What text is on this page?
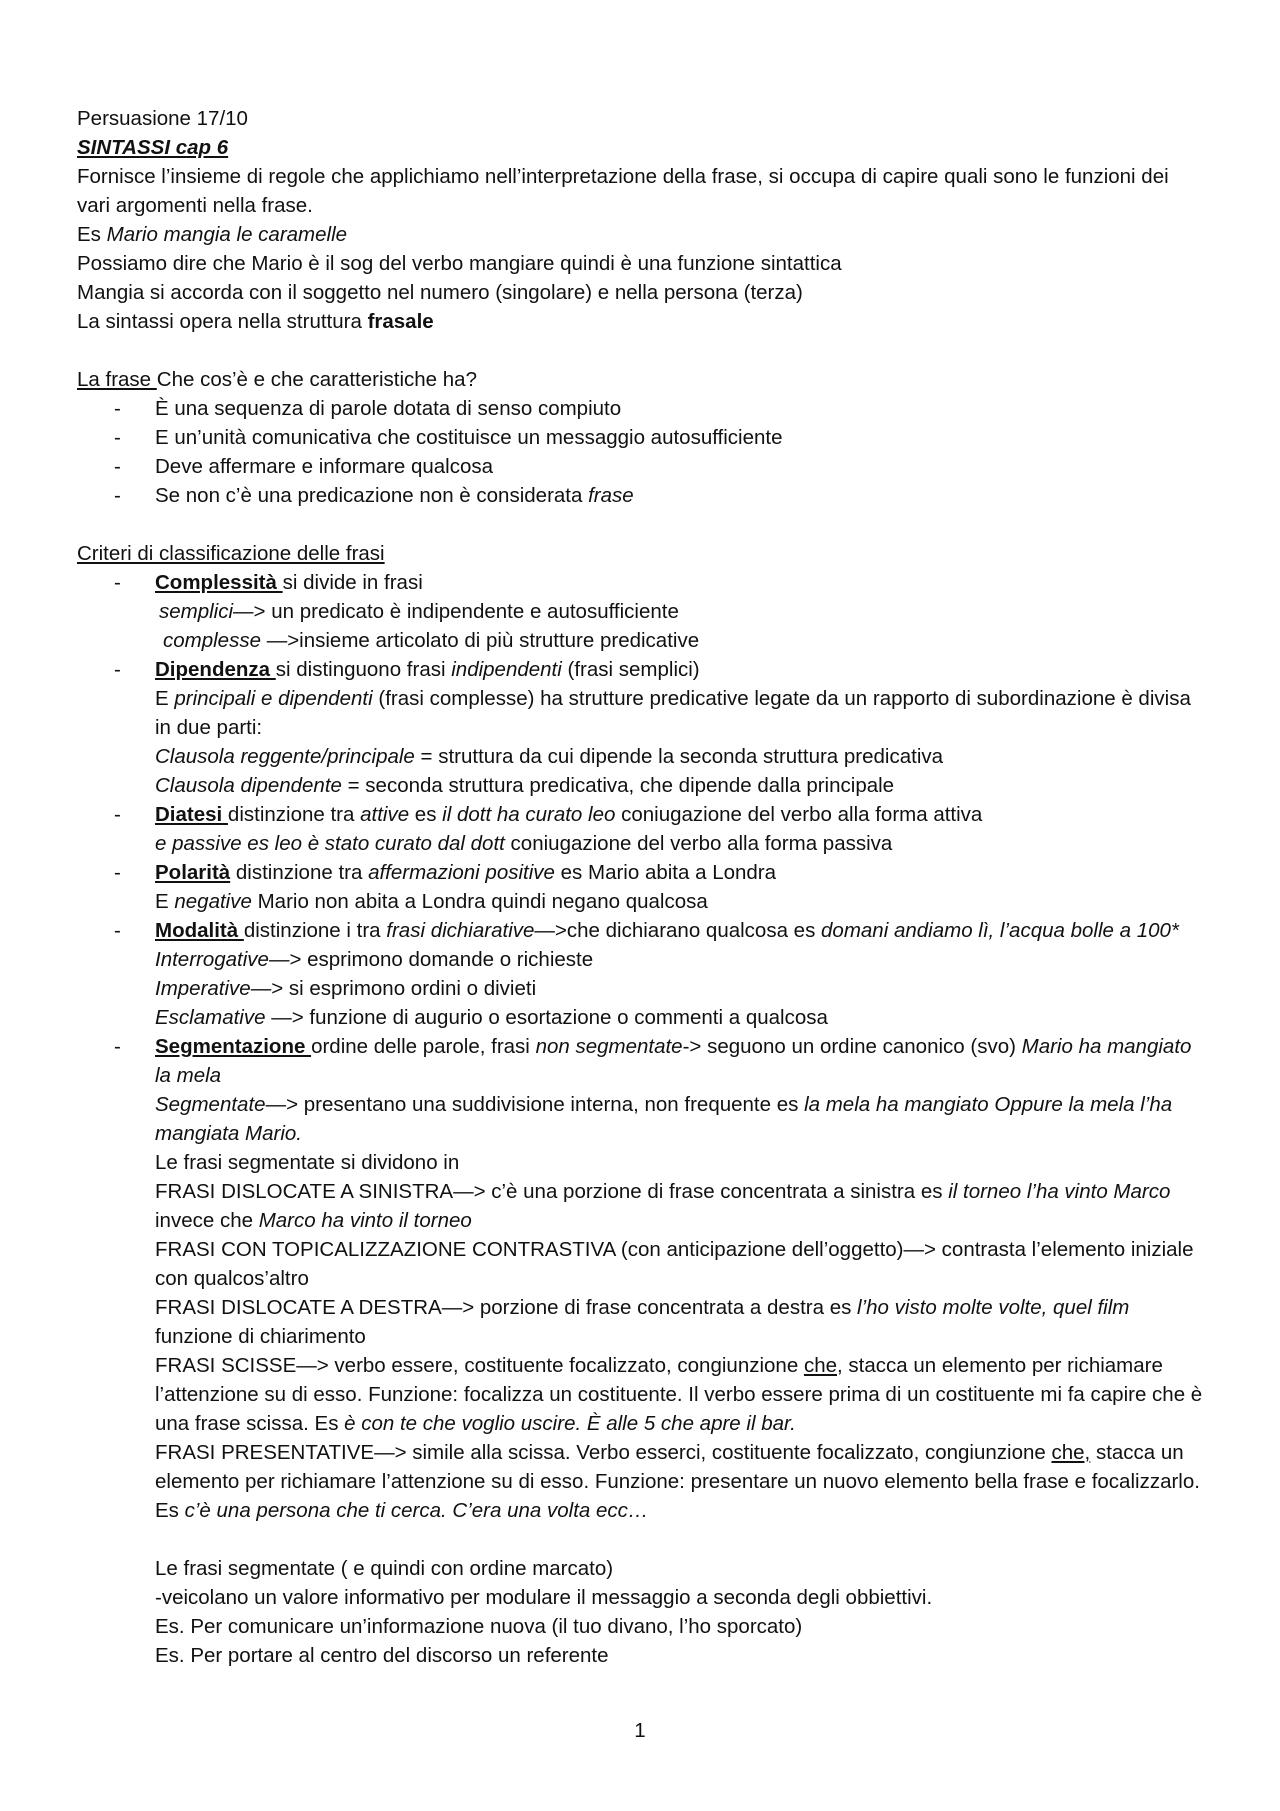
Persuasione 17/10

SINTASSI cap 6

Fornisce l’insieme di regole che applichiamo nell’interpretazione della frase, si occupa di capire quali sono le funzioni dei vari argomenti nella frase.

Es Mario mangia le caramelle

Possiamo dire che Mario è il sog del verbo mangiare quindi è una funzione sintattica

Mangia si accorda con il soggetto nel numero (singolare) e nella persona (terza)

La sintassi opera nella struttura frasale

La frase Che cos’è e che caratteristiche ha?

-	È una sequenza di parole dotata di senso compiuto
-	E un’unità comunicativa che costituisce un messaggio autosufficiente
-	Deve affermare e informare qualcosa
-	Se non c’è una predicazione non è considerata frase

Criteri di classificazione delle frasi

-	Complessità si divide in frasi

semplici—> un predicato è indipendente e autosufficiente

complesse —>insieme articolato di più strutture predicative

-	Dipendenza si distinguono frasi indipendenti (frasi semplici)
E principali e dipendenti (frasi complesse) ha strutture predicative legate da un rapporto di subordinazione è divisa in due parti:
Clausola reggente/principale = struttura da cui dipende la seconda struttura predicativa
Clausola dipendente = seconda struttura predicativa, che dipende dalla principale
-	Diatesi distinzione tra attive es il dott ha curato leo coniugazione del verbo alla forma attiva
e passive es leo è stato curato dal dott coniugazione del verbo alla forma passiva
-	Polarità distinzione tra affermazioni positive es Mario abita a Londra
E negative Mario non abita a Londra quindi negano qualcosa
-	Modalità distinzione i tra frasi dichiarative—>che dichiarano qualcosa es domani andiamo lì, l’acqua bolle a 100*
Interrogative—> esprimono domande o richieste
Imperative—> si esprimono ordini o divieti
Esclamative —> funzione di augurio o esortazione o commenti a qualcosa
-	Segmentazione ordine delle parole, frasi non segmentate-> seguono un ordine canonico (svo) Mario ha mangiato la mela
Segmentate—> presentano una suddivisione interna, non frequente es la mela ha mangiato Oppure la mela l’ha mangiata Mario.
Le frasi segmentate si dividono in
FRASI DISLOCATE A SINISTRA—> c’è una porzione di frase concentrata a sinistra es il torneo l’ha vinto Marco invece che Marco ha vinto il torneo
FRASI CON TOPICALIZZAZIONE CONTRASTIVA (con anticipazione dell’oggetto)—> contrasta l’elemento iniziale con qualcos’altro
FRASI DISLOCATE A DESTRA—> porzione di frase concentrata a destra es l’ho visto molte volte, quel film funzione di chiarimento
FRASI SCISSE—> verbo essere, costituente focalizzato, congiunzione che, stacca un elemento per richiamare l’attenzione su di esso. Funzione: focalizza un costituente. Il verbo essere prima di un costituente mi fa capire che è una frase scissa. Es è con te che voglio uscire. È alle 5 che apre il bar.
FRASI PRESENTATIVE—> simile alla scissa. Verbo esserci, costituente focalizzato, congiunzione che, stacca un elemento per richiamare l’attenzione su di esso. Funzione: presentare un nuovo elemento bella frase e focalizzarlo. Es c’è una persona che ti cerca. C’era una volta ecc…
Le frasi segmentate ( e quindi con ordine marcato)
-veicolano un valore informativo per modulare il messaggio a seconda degli obbiettivi.
Es. Per comunicare un’informazione nuova (il tuo divano, l’ho sporcato)
Es. Per portare al centro del discorso un referente
1
